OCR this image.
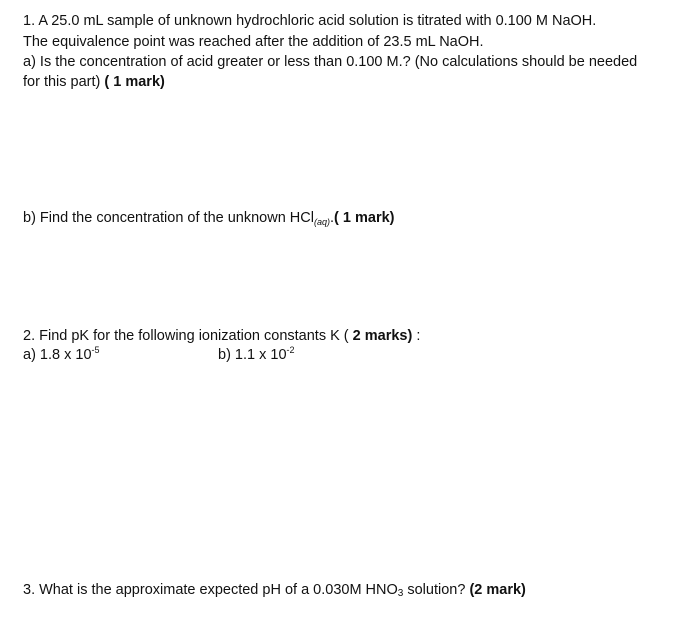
1. A 25.0 mL sample of unknown hydrochloric acid solution is titrated with 0.100 M NaOH.
The equivalence point was reached after the addition of 23.5 mL NaOH.
a) Is the concentration of acid greater or less than 0.100 M.? (No calculations should be needed
for this part) ( 1 mark)
b) Find the concentration of the unknown HCl$_{(aq)}$.( 1 mark)
2. Find pK for the following ionization constants K ( 2 marks) :
a) 1.8 x $10^{-5}$	b) 1.1 x $10^{-2}$
3. What is the approximate expected pH of a 0.030M HNO3 solution? (2 mark)
